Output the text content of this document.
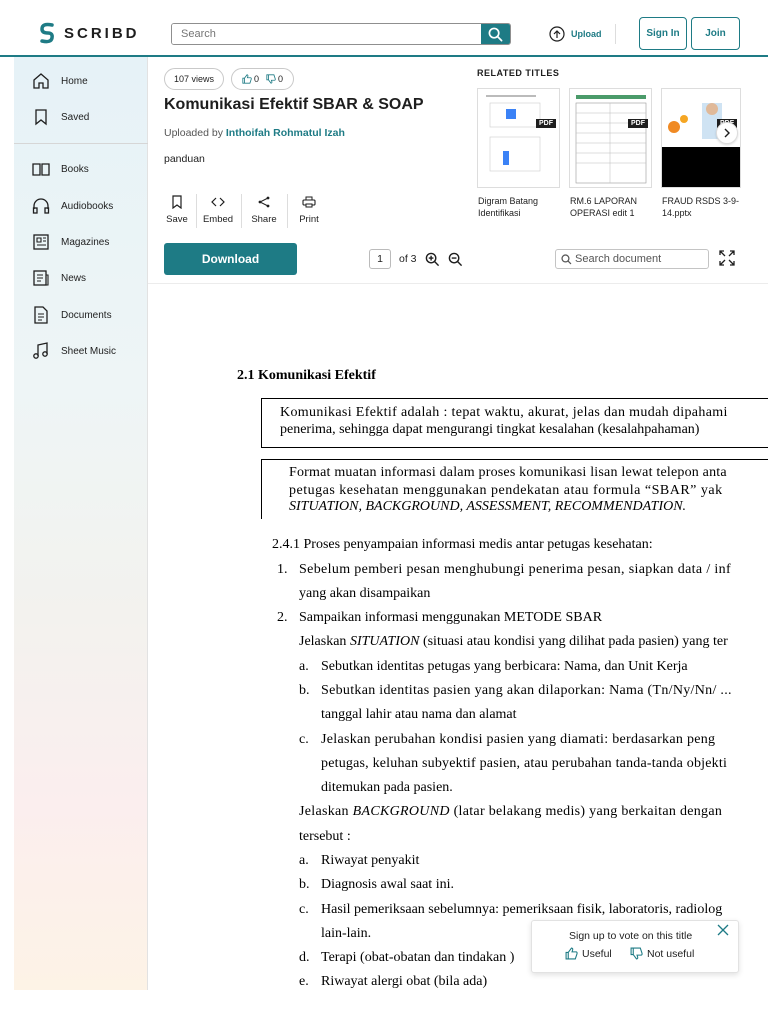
SCRIBD
Search	Upload	Sign In	Join
Home
Saved
Books
Audiobooks
Magazines
News
Documents
Sheet Music
107 views	0 0
Komunikasi Efektif SBAR & SOAP
Uploaded by Inthoifah Rohmatul Izah
panduan
Save	Embed	Share	Print
Download	1	of 3	Search document
RELATED TITLES
PDF	PDF
Digram Batang Identifikasi
RM.6 LAPORAN OPERASI edit 1
FRAUD RSDS 3-9-14.pptx
2.1 Komunikasi Efektif
Komunikasi Efektif adalah : tepat waktu, akurat, jelas dan mudah dipahami
penerima, sehingga dapat mengurangi tingkat kesalahan (kesalahpahaman)
Format muatan informasi dalam proses komunikasi lisan lewat telepon anta
petugas kesehatan menggunakan pendekatan atau formula “SBAR” yak
SITUATION, BACKGROUND, ASSESSMENT, RECOMMENDATION.
2.4.1 Proses penyampaian informasi medis antar petugas kesehatan:
1. Sebelum pemberi pesan menghubungi penerima pesan, siapkan data / inf
yang akan disampaikan
2. Sampaikan informasi menggunakan METODE SBAR
Jelaskan SITUATION (situasi atau kondisi yang dilihat pada pasien) yang ter
a. Sebutkan identitas petugas yang berbicara: Nama, dan Unit Kerja
b. Sebutkan identitas pasien yang akan dilaporkan: Nama (Tn/Ny/Nn/ ...
tanggal lahir atau nama dan alamat
c. Jelaskan perubahan kondisi pasien yang diamati: berdasarkan peng
petugas, keluhan subyektif pasien, atau perubahan tanda-tanda objekti
ditemukan pada pasien.
Jelaskan BACKGROUND (latar belakang medis) yang berkaitan dengan
tersebut :
a. Riwayat penyakit
b. Diagnosis awal saat ini.
c. Hasil pemeriksaan sebelumnya: pemeriksaan fisik, laboratoris, radiolog
lain-lain.
d. Terapi (obat-obatan dan tindakan )
e. Riwayat alergi obat (bila ada)
Sign up to vote on this title
Useful	Not useful
